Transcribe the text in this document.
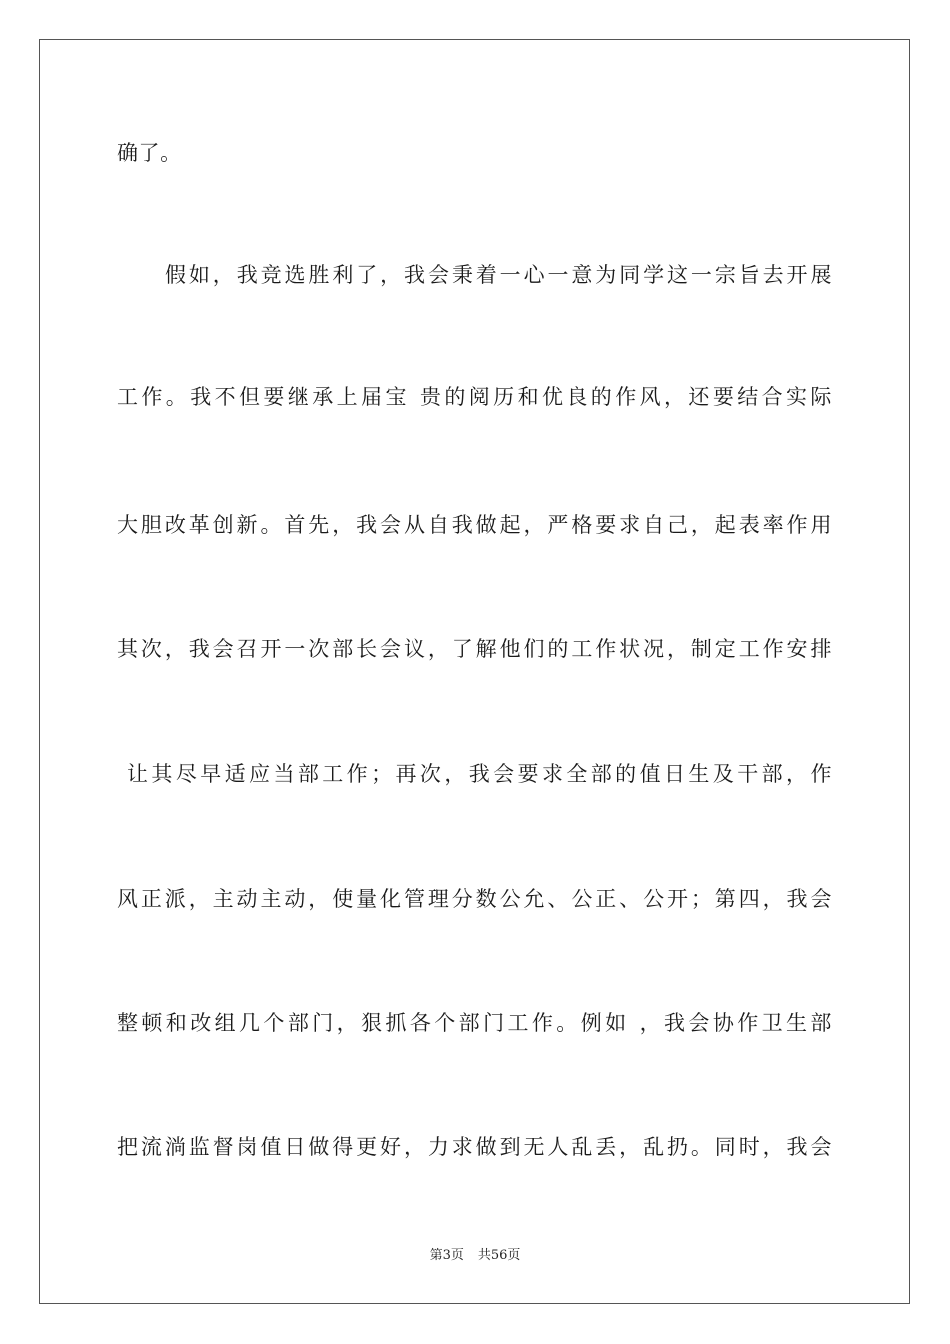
确了。
假如，我竞选胜利了，我会秉着一心一意为同学这一宗旨去开展
工作。我不但要继承上届宝 贵的阅历和优良的作风，还要结合实际
大胆改革创新。首先，我会从自我做起，严格要求自己，起表率作用
其次，我会召开一次部长会议，了解他们的工作状况，制定工作安排
让其尽早适应当部工作；再次，我会要求全部的值日生及干部，作
风正派，主动主动，使量化管理分数公允、公正、公开；第四，我会
整顿和改组几个部门，狠抓各个部门工作。例如 ，我会协作卫生部
把流淌监督岗值日做得更好，力求做到无人乱丢，乱扔。同时，我会
第3页 共56页
